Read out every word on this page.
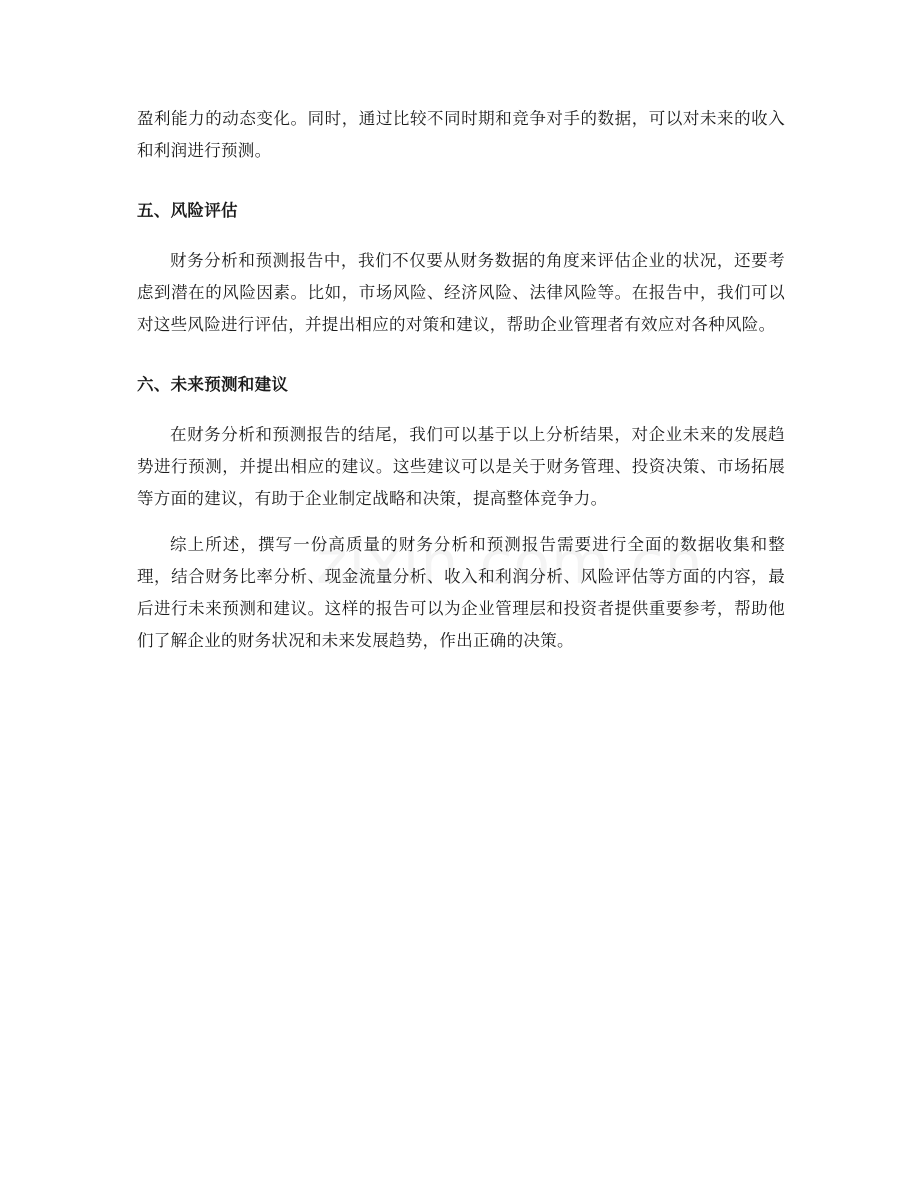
盈利能力的动态变化。同时，通过比较不同时期和竞争对手的数据，可以对未来的收入和利润进行预测。

五、风险评估

财务分析和预测报告中，我们不仅要从财务数据的角度来评估企业的状况，还要考虑到潜在的风险因素。比如，市场风险、经济风险、法律风险等。在报告中，我们可以对这些风险进行评估，并提出相应的对策和建议，帮助企业管理者有效应对各种风险。

六、未来预测和建议

在财务分析和预测报告的结尾，我们可以基于以上分析结果，对企业未来的发展趋势进行预测，并提出相应的建议。这些建议可以是关于财务管理、投资决策、市场拓展等方面的建议，有助于企业制定战略和决策，提高整体竞争力。

综上所述，撰写一份高质量的财务分析和预测报告需要进行全面的数据收集和整理，结合财务比率分析、现金流量分析、收入和利润分析、风险评估等方面的内容，最后进行未来预测和建议。这样的报告可以为企业管理层和投资者提供重要参考，帮助他们了解企业的财务状况和未来发展趋势，作出正确的决策。
